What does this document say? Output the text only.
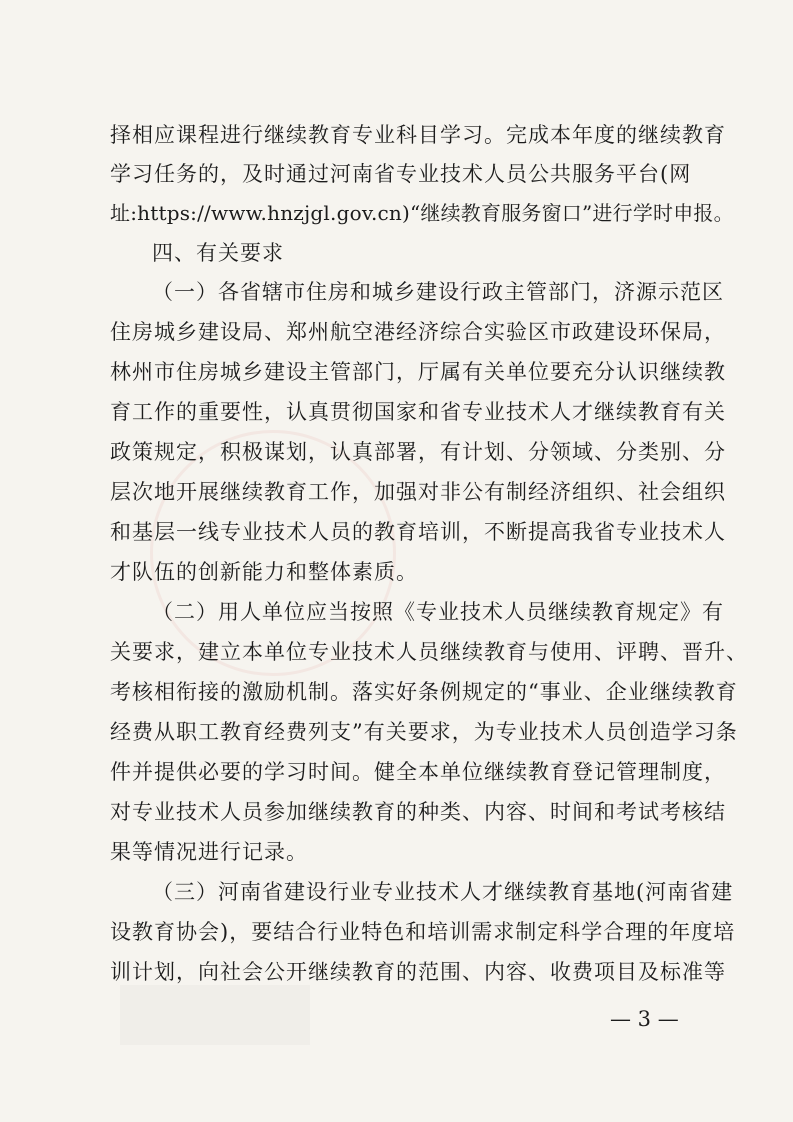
择相应课程进行继续教育专业科目学习。完成本年度的继续教育
学习任务的，及时通过河南省专业技术人员公共服务平台(网
址:https://www.hnzjgl.gov.cn)“继续教育服务窗口”进行学时申报。
四、有关要求
（一）各省辖市住房和城乡建设行政主管部门，济源示范区
住房城乡建设局、郑州航空港经济综合实验区市政建设环保局，
林州市住房城乡建设主管部门，厅属有关单位要充分认识继续教
育工作的重要性，认真贯彻国家和省专业技术人才继续教育有关
政策规定，积极谋划，认真部署，有计划、分领域、分类别、分
层次地开展继续教育工作，加强对非公有制经济组织、社会组织
和基层一线专业技术人员的教育培训，不断提高我省专业技术人
才队伍的创新能力和整体素质。
（二）用人单位应当按照《专业技术人员继续教育规定》有
关要求，建立本单位专业技术人员继续教育与使用、评聘、晋升、
考核相衔接的激励机制。落实好条例规定的“事业、企业继续教育
经费从职工教育经费列支”有关要求，为专业技术人员创造学习条
件并提供必要的学习时间。健全本单位继续教育登记管理制度，
对专业技术人员参加继续教育的种类、内容、时间和考试考核结
果等情况进行记录。
（三）河南省建设行业专业技术人才继续教育基地(河南省建
设教育协会)，要结合行业特色和培训需求制定科学合理的年度培
训计划，向社会公开继续教育的范围、内容、收费项目及标准等
— 3 —
